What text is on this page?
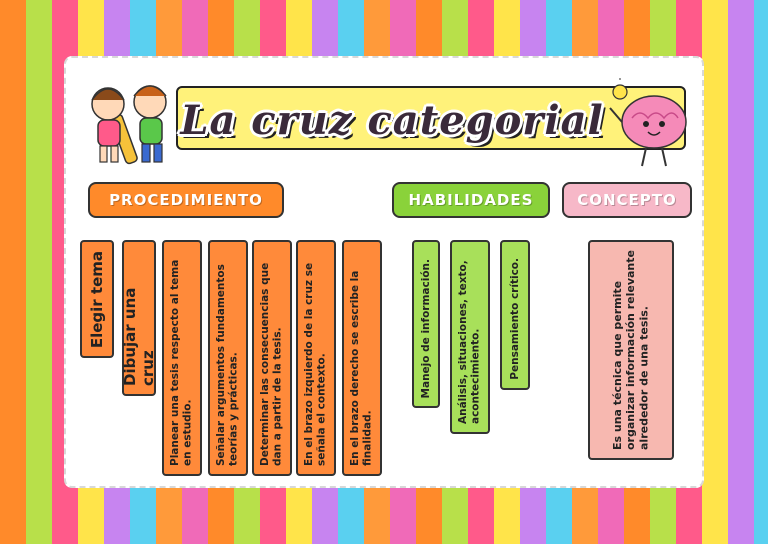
La cruz categorial
PROCEDIMIENTO	HABILIDADES	CONCEPTO
Elegir tema Dibujar una cruz Planear una tesis respecto al tema en estudio. Señalar argumentos fundamentos teorías y prácticas. Determinar las consecuencias que dan a partir de la tesis. En el brazo izquierdo de la cruz se señala el contexto. En el brazo derecho se escribe la finalidad.
Manejo de información. Análisis, situaciones, texto, acontecimiento.	Pensamiento crítico.	Es una técnica que permite organizar información relevante alrededor de una tesis.
